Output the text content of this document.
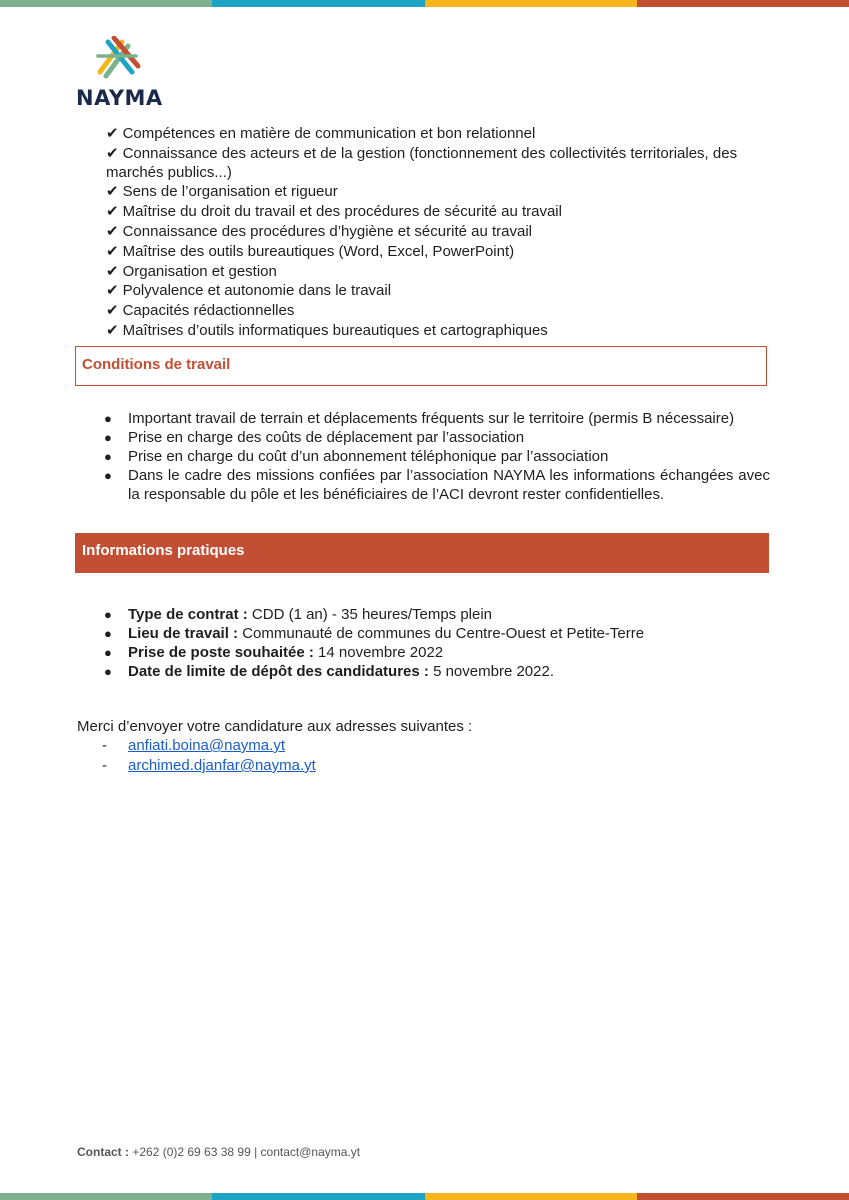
NAYMA
✔ Compétences en matière de communication et bon relationnel
✔ Connaissance des acteurs et de la gestion (fonctionnement des collectivités territoriales, des marchés publics...)
✔ Sens de l’organisation et rigueur
✔ Maîtrise du droit du travail et des procédures de sécurité au travail
✔ Connaissance des procédures d’hygiène et sécurité au travail
✔ Maîtrise des outils bureautiques (Word, Excel, PowerPoint)
✔ Organisation et gestion
✔ Polyvalence et autonomie dans le travail
✔ Capacités rédactionnelles
✔ Maîtrises d’outils informatiques bureautiques et cartographiques
Conditions de travail
● Important travail de terrain et déplacements fréquents sur le territoire (permis B nécessaire)
● Prise en charge des coûts de déplacement par l’association
● Prise en charge du coût d’un abonnement téléphonique par l’association
● Dans le cadre des missions confiées par l’association NAYMA les informations échangées avec la responsable du pôle et les bénéficiaires de l’ACI devront rester confidentielles.
Informations pratiques
● Type de contrat : CDD (1 an) - 35 heures/Temps plein
● Lieu de travail : Communauté de communes du Centre-Ouest et Petite-Terre
● Prise de poste souhaitée : 14 novembre 2022
● Date de limite de dépôt des candidatures : 5 novembre 2022.
Merci d’envoyer votre candidature aux adresses suivantes :
- anfiati.boina@nayma.yt
- archimed.djanfar@nayma.yt
Contact : +262 (0)2 69 63 38 99 | contact@nayma.yt
